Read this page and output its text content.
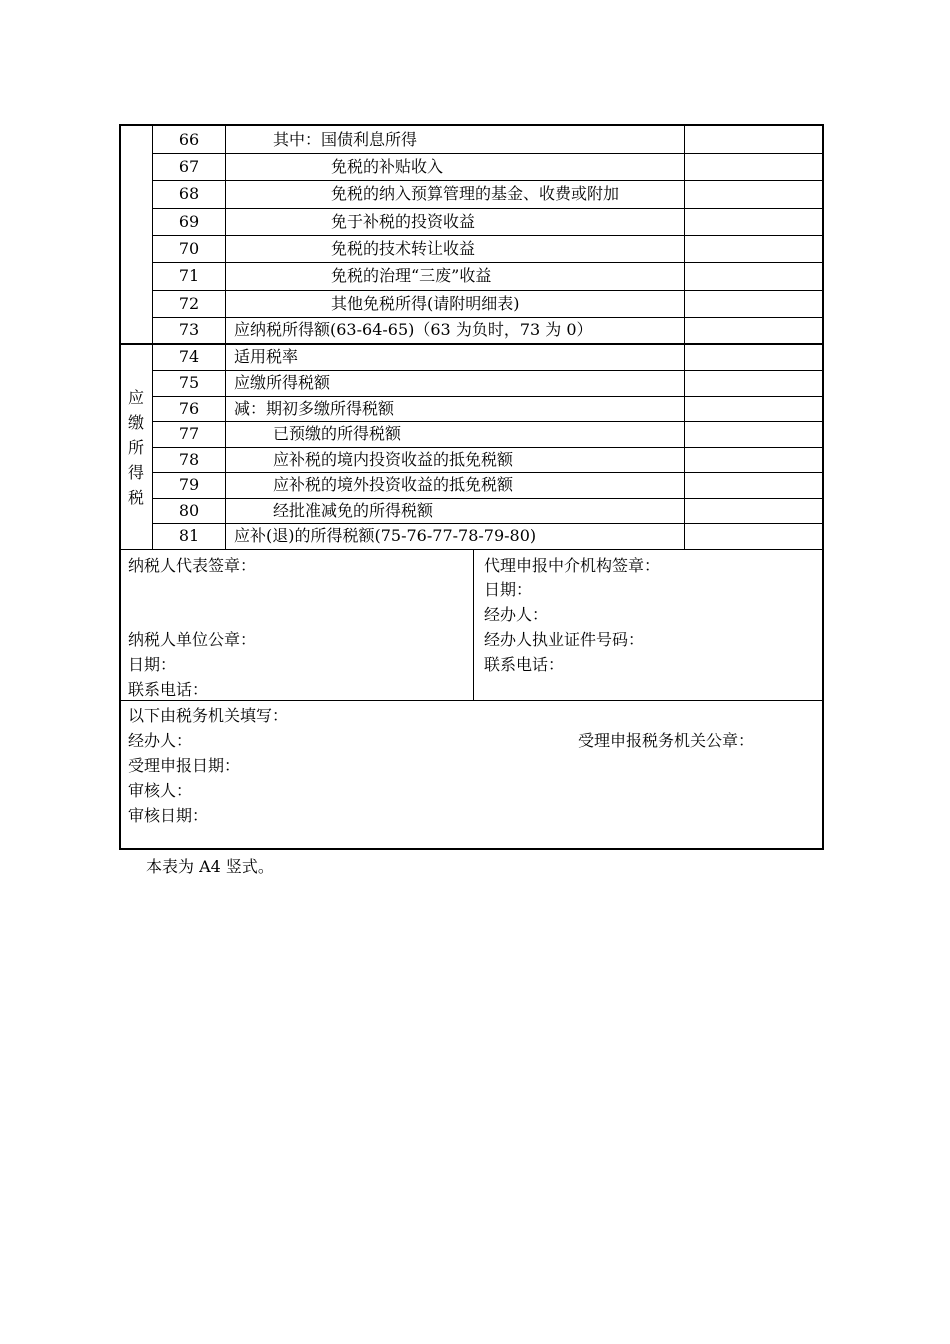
66	其中：国债利息所得
67	免税的补贴收入
68	免税的纳入预算管理的基金、收费或附加
69	免于补税的投资收益
70	免税的技术转让收益
71	免税的治理“三废”收益
72	其他免税所得(请附明细表)
73	应纳税所得额(63-64-65)（63 为负时，73 为 0）
74	适用税率
75	应缴所得税额
76	减：期初多缴所得税额
77	已预缴的所得税额
78	应补税的境内投资收益的抵免税额
79	应补税的境外投资收益的抵免税额
80	经批准减免的所得税额
81	应补(退)的所得税额(75-76-77-78-79-80)
应
缴
所
得
税
纳税人代表签章：
纳税人单位公章：
日期：
联系电话：
代理申报中介机构签章：
日期：
经办人：
经办人执业证件号码：
联系电话：
以下由税务机关填写：
经办人：	受理申报税务机关公章：
受理申报日期：
审核人：
审核日期：
本表为 A4 竖式。
